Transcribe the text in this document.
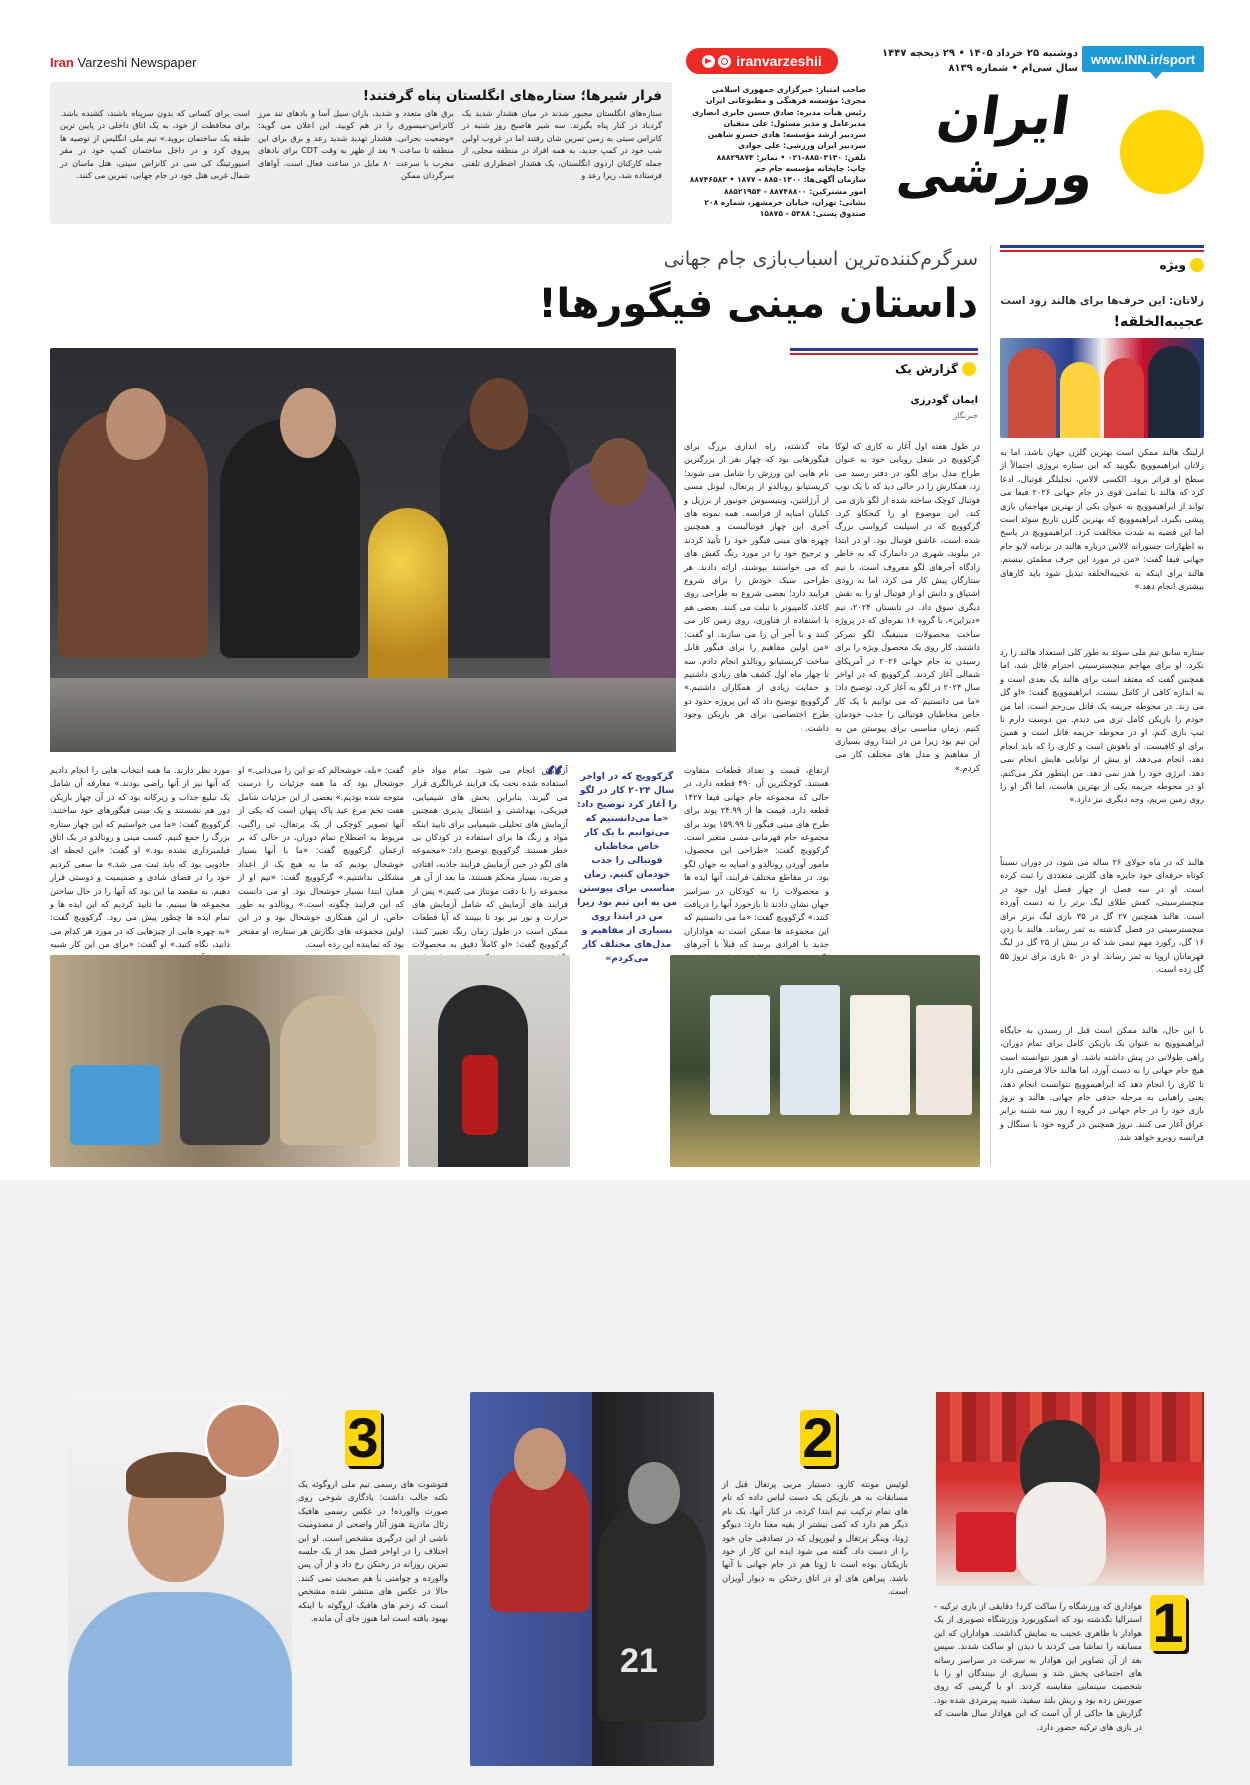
Iran Varzeshi Newspaper	iranvarzeshii	دوشنبه ۲۵ خرداد ۱۴۰۵ • ۲۹ ذیحجه ۱۴۴۷
سال سی‌ام • شماره ۸۱۳۹
www.INN.ir/sport
ایران
ورزشی
صاحب امتیاز: خبرگزاری جمهوری اسلامی
مجری: مؤسسه فرهنگی و مطبوعاتی ایران
رئیس هیأت مدیره: صادق حسین جابری انصاری
مدیرعامل و مدیر مسئول: علی متقیان
سردبیر ارشد مؤسسه: هادی خسرو شاهین
سردبیر ایران ورزشی: علی جوادی
تلفن: ۸۸۵۰۳۱۳۰-۰۲۱ • نمابر: ۸۸۸۲۹۸۷۴
چاپ: چاپخانه مؤسسه جام جم
سازمان آگهی‌ها: ۸۸۵۰۱۳۰۰ - ۱۸۷۷ • ۸۸۷۴۶۵۸۳
امور مشترکین: ۸۸۷۴۸۸۰۰ - ۸۸۵۲۱۹۵۴
نشانی: تهران، خیابان خرمشهر، شماره ۲۰۸
صندوق پستی: ۵۳۸۸ - ۱۵۸۷۵
فرار شیرها؛ ستاره‌های انگلستان پناه گرفتند!
ستاره‌های انگلستان مجبور شدند در میان هشدار شدید یک گردباد در کنار پناه بگیرند. سه شیر هاصبح روز شنبه در کانزاس سیتی به زمین تمرین شان رفتند اما در غروب اولین شب خود در کمپ جدید، به همه افراد در منطقه محلی، از جمله کارکنان اردوی انگلستان، یک هشدار اضطراری تلفنی فرستاده شد، زیرا رعد و
برق های متعدد و شدید، باران سیل آسا و بادهای تند مرز کانزاس-میسوری را در هم کوبید. این اعلان می گوید: «وضعیت بحرانی. هشدار تهدید شدید رعد و برق برای این منطقه تا ساعت ۹ بعد از ظهر به وقت CDT برای بادهای مخرب با سرعت ۸۰ مایل در ساعت فعال است. آواهای سرگردان ممکن
است برای کسانی که بدون سرپناه باشند، کشنده باشد. برای محافظت از خود، به یک اتاق داخلی در پایین ترین طبقه یک ساختمان بروید.» تیم ملی انگلیس از توصیه ها پیروی کرد و در داخل ساختمان کمپ خود در مقر اسپورتینگ کی سی در کانزاس سیتی، هتل ماسان در شمال غربی هتل خود در جام جهانی، تمرین می کنند.
ویژه
زلاتان: این حرف‌ها برای هالند زود است
عجیبه‌الخلقه!
ارلینگ هالند ممکن است بهترین گلزن جهان باشد، اما به زلاتان ابراهیموویچ بگویید که این ستاره نروژی احتمالاً از سطح او فراتر برود. الکسی لالاس، تحلیلگر فوتبال، ادعا کرد که هالند با تمامی قوی در جام جهانی ۲۰۲۶ فیفا می تواند از ابراهیموویچ به عنوان یکی از بهترین مهاجمان بازی پیشی بگیرد. ابراهیموویچ که بهترین گلزن تاریخ سوئد است اما این قضیه به شدت مخالفت کرد. ابراهیموویچ در پاسخ به اظهارات جسورانه لالاس درباره هالند در برنامه لایو جام جهانی فیفا گفت: «من در مورد این حرف مطمئن نیستم. هالند برای اینکه به عجیبه‌الخلقه تبدیل شود باید کارهای بیشتری انجام دهد.»
ستاره سابق تیم ملی سوئد به طور کلی استعداد هالند را رد نکرد. او برای مهاجم منچسترسیتی احترام قائل شد، اما همچنین گفت که معتقد است برای هالند یک بعدی است و به اندازه کافی از کامل نیست. ابراهیموویچ گفت: «او گل می زند. در محوطه جریمه یک قاتل بی‌رحم است. اما من خودم را بازیکن کامل تری می دیدم. من دوست دارم تا تیپ بازی کنم. او در محوطه جریمه قاتل است و همین برای او کافیست. او باهوش است و کاری را که باید انجام دهد، انجام می‌دهد. او بیش از توانایی هایش انجام نمی دهد. انرژی خود را هدر نمی دهد. من اینطور فکر می‌کنم. او در محوطه جریمه یکی از بهترین هاست، اما اگر او را روی زمین ببریم، وجه دیگری نیز دارد.»
هالند که در ماه جولای ۲۶ ساله می شود، در دوران نسبتاً کوتاه حرفه‌ای خود جایزه های گلزنی متعددی را ثبت کرده است. او در سه فصل از چهار فصل اول خود در منچسترسیتی، کفش طلای لیگ برتر را به دست آورده است. هالند همچنین ۲۷ گل در ۳۵ بازی لیگ برتر برای منچسترسیتی در فصل گذشته به ثمر رساند. هالند با زدن ۱۶ گل، رکورد مهم تیمی شد که در بیش از ۲۵ گل در لیگ قهرمانان اروپا به ثمر رساند. او در ۵۰ بازی برای نروژ ۵۵ گل زده است.
با این حال، هالند ممکن است قبل از رسیدن به جایگاه ابراهیموویچ به عنوان یک بازیکن کامل برای تمام دوران، راهی طولانی در پیش داشته باشد. او هنوز نتوانسته است هیچ جام جهانی را به دست آورد، اما هالند حالا فرصتی دارد تا کاری را انجام دهد که ابراهیموویچ نتوانست انجام دهد، یعنی راهیابی به مرحله حذفی جام جهانی. هالند و نروژ بازی خود را در جام جهانی در گروه I روز سه شنبه برابر عراق آغاز می کنند. نروژ همچنین در گروه خود با سنگال و فرانسه روبرو خواهد شد.
سرگرم‌کننده‌ترین اسباب‌بازی جام جهانی
داستان مینی فیگورها!
گزارش یک
ایمان گودرزی
خبرنگار
در طول هفته اول آغاز به کاری که لوکا گرکوویچ در شغل رویایی خود به عنوان طراح مدل برای لگو، در دفتر رسید می زد، همکارش را در حالی دید که با یک توپ فوتبال کوچک ساخته شده از لگو بازی می کند. این موضوع او را کنجکاو کرد. گرکوویچ که در اسپلیت کرواسی بزرگ شده است، عاشق فوتبال بود. او در ابتدا در بیلوند، شهری در دانمارک که به خاطر زادگاه آجرهای لگو معروف است، با تیم ستارگان پیش کار می کرد، اما به زودی اشتیاق و دانش او از فوتبال او را به نقش دیگری سوق داد. در تابستان ۲۰۲۴، تیم «دیزاین»، با گروه ۱۶ نفره‌ای که در پروژه ساخت محصولات مینیفیگ لگو تمرکز داشتند، کار روی یک محصول ویژه را برای رسیدن به جام جهانی ۲۰۲۶ در آمریکای شمالی آغاز کردند. گرکوویچ که در اواخر سال ۲۰۲۴ در لگو به آغاز کرد، توضیح داد: «ما می دانستیم که می توانیم با یک کار خاص مخاطبان فوتبالی را جذب خودمان کنیم. زمان مناسبی برای پیوستن من به این تیم بود زیرا من در ابتدا روی بسیاری از مفاهیم و مدل های مختلف کار می کردم.»
ماه گذشته، راه اندازی بزرگ برای فیگورهایی بود که چهار نفر از بزرگترین نام هایی این ورزش را شامل می شوند؛ کریستیانو رونالدو از پرتغال، لیونل مسی از آرژانتین، وینیسیوس جونیور از برزیل و کیلیان امباپه از فرانسه. همه نمونه های آجری این چهار فوتبالیست و همچنین چهره های مینی فیگور خود را تأیید کردند و ترجیح خود را در مورد رنگ کفش های که می خواستند بپوشند، ارائه دادند. هر طراحی سبک خودش را برای شروع فرایند دارد؛ بعضی شروع به طراحی روی کاغذ، کامپیوتر یا تبلت می کنند. بعضی هم با استفاده از فناوری، روی زمین کار می کنند و با آجر آن را می سازند. او گفت: «من اولین مفاهیم را برای فیگور قابل ساخت کریستیانو رونالدو انجام دادم. سه تا چهار ماه اول کشف های زیادی داشتیم و حمایت زیادی از همکاران داشتیم.» گرکوویچ توضیح داد که این پروژه حدود دو طرح اختصاصی برای هر بازیکن وجود داشت.
ارتفاع، قیمت و تعداد قطعات متفاوت هستند. کوچکترین آن ۴۹۰ قطعه دارد، در حالی که مجموعه جام جهانی فیفا ۱۴۲۷ قطعه دارد. قیمت ها از ۲۴.۹۹ پوند برای طرح های مینی فیگور تا ۱۵۹.۹۹ پوند برای مجموعه جام قهرمانی مسی متغیر است. گرکوویچ گفت: «طراحی این محصول، مامور آوردن رونالدو و امباپه به جهان لگو بود. در مقاطع مختلف فرایند، آنها ایده ها و محصولات را به کودکان در سراسر جهان نشان دادند تا بازخورد آنها را دریافت کنند.» گرکوویچ گفت: «ما می دانستیم که این مجموعه ها ممکن است به هواداران جدید با افرادی برسد که قبلاً با آجرهای
آزمایش انجام می شود. تمام مواد خام استفاده شده تحت یک فرایند غربالگری قرار می گیرند. بنابراین بخش های شیمیایی، فیزیکی، بهداشتی و اشتعال پذیری همچنین آزمایش های تحلیلی شیمیایی برای تایید اینکه مواد و رنگ ها برای استفاده در کودکان بی خطر هستند. گرکوویچ توضیح داد: «مجموعه های لگو در حین آزمایش فرایند جاذبه، افتادن و ضربه، بسیار محکم هستند. ما بعد از آن هر مجموعه را با دقت مونتاژ می کنیم.» پس از فرایند های آزمایش که شامل آزمایش های حرارت و نور نیز بود تا ببینند که آیا قطعات ممکن است در طول زمان رنگ تغییر کنند، گرکوویچ گفت: «او کاملاً دقیق به محصولات
گفت: «بله، خوشحالم که تو این را می‌دانی.» او خوشحال بود که ما همه جزئیات را درست متوجه شده بودیم.» بعضی از این جزئیات شامل هفت تخم مرغ عید پاک پنهان است که یکی از آنها تصویر کوچکی از یک پرتغال، تی راگبی، مربوط به اصطلاح تمام دوران، در حالی که بر ازعمان گرکوویچ گفت: «ما با آنها بسیار خوشحال بودیم که ما به هیچ یک از اعداد مشکلی نداشتیم.» گرکوویچ گفت: «تیم او از همان ابتدا بسیار خوشحال بود. او می دانست که این فرایند چگونه است.» رونالدو به طور خاص، از این همکاری خوشحال بود و در این اولین مجموعه های نگارش هر ستاره، او مفتخر بود که نماینده این رده است.
مورد نظر دارند. ما همه انتخاب هایی را انجام دادیم که آنها نیز از آنها راضی بودند.» معارفه آن شامل یک تبلیغ جذاب و زیرکانه بود که در آن چهار بازیکن دور هم نشستند و یک مینی فیگورهای خود ساختند. گرکوویچ گفت: «ما می خواستیم که این چهار ستاره بزرگ را جمع کنیم. کسب مینی و رونالدو در یک اتاق فیلمبرداری نشده بود.» او گفت: «این لحظه ای جادویی بود که باید ثبت می شد.» ما سعی کردیم خود را در فضای شادی و صمیمیت و دوستی قرار دهیم. به مقصد ما این بود که آنها را در حال ساختن مجموعه ها ببینیم. ما تایید کردیم که این ایده ها و تمام ایده ها چطور پیش می رود. گرکوویچ گفت: «به چهره هایی از چیزهایی که در مورد هر کدام می دانید، نگاه کنید.» او گفت: «برای من این کار شبیه
“	گرکوویچ که در اواخر سال ۲۰۲۴ کار در لگو را آغاز کرد توضیح داد: «ما می‌دانستیم که می‌توانیم با یک کار خاص مخاطبان فوتبالی را جذب خودمان کنیم. زمان مناسبی برای پیوستن من به این تیم بود زیرا من در ابتدا روی بسیاری از مفاهیم و مدل‌های مختلف کار می‌کردم»
1
هواداری که ورزشگاه را ساکت کرد! دقایقی از بازی ترکیه - استرالیا نگذشته بود که اسکوربورد ورزشگاه تصویری از یک هوادار با ظاهری عجیب به نمایش گذاشت. هواداران که این مسابقه را تماشا می کردند با دیدن او ساکت شدند. سپس بعد از آن تصاویر این هوادار به سرعت در سراسر رسانه های اجتماعی پخش شد و بسیاری از بینندگان او را با شخصیت سینمایی مقایسه کردند. او با گریمی که روی صورتش زده بود و ریش بلند سفید، شبیه پیرمردی شده بود. گزارش ها حاکی از آن است که این هوادار سال هاست که در بازی های ترکیه حضور دارد.
2
لوئیس مونته کارو، دستیار مربی پرتغال قبل از مسابقات به هر بازیکن یک دست لباس داده که نام های تمام ترکیب تیم ابتدا کرده، در کنار آنها، یک نام دیگر هم دارد که کمی بیشتر از بقیه معنا دارد: دیوگو ژوتا، وینگر پرتغال و لیورپول که در تصادفی جان خود را از دست داد. گفته می شود ایده این کار از خود بازیکنان بوده است تا ژوتا هم در جام جهانی با آنها باشد. پیراهن های او در اتاق رختکن به دیوار آویزان است.
21
3
فتوشوت های رسمی تیم ملی اروگوئه یک نکته جالب داشت: یادگاری شوخی روی صورت والورده! در عکس رسمی هافبک رئال مادرید هنوز آثار واضحی از مصدومیت ناشی از این درگیری مشخص است. او این اختلاف را در اواخر فصل بعد از یک جلسه تمرین روزانه در رختکن رخ داد و از آن پس والورده و چوامنی با هم صحبت نمی کنند. حالا در عکس های منتشر شده مشخص است که زخم های هافبک اروگوئه با اینکه بهبود یافته است اما هنوز جای آن مانده.
